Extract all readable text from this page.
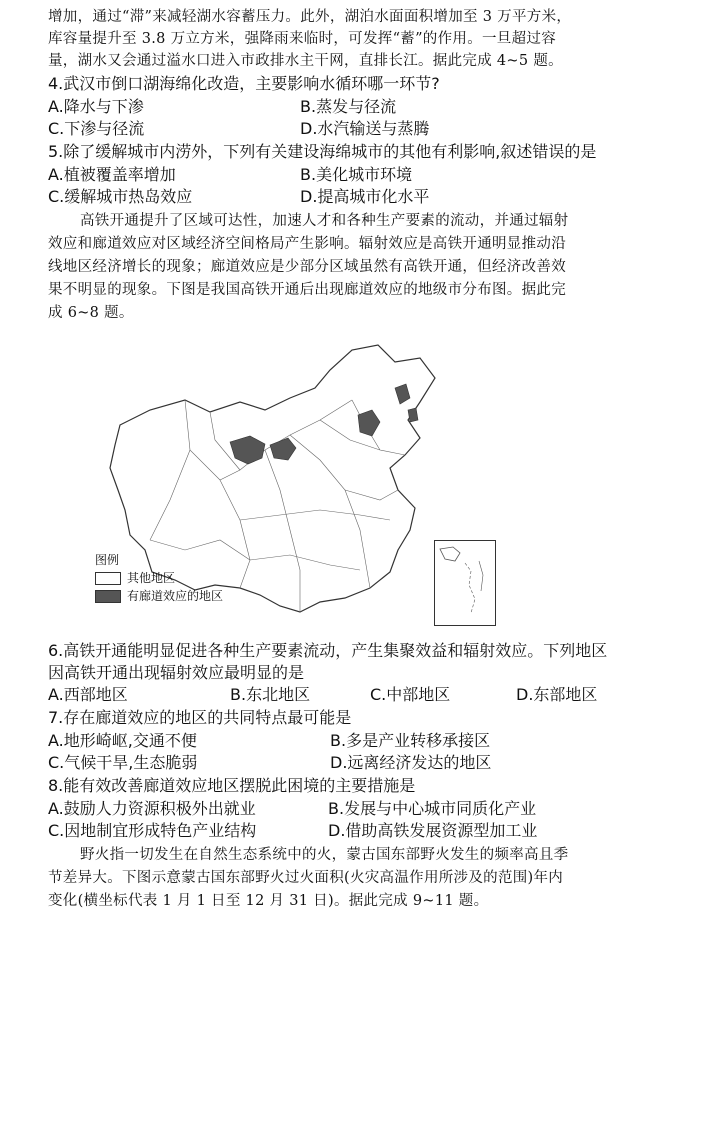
增加，通过“滞”来减轻湖水容蓄压力。此外，湖泊水面面积增加至 3 万平方米，
库容量提升至 3.8 万立方米，强降雨来临时，可发挥“蓄”的作用。一旦超过容
量，湖水又会通过溢水口进入市政排水主干网，直排长江。据此完成 4~5 题。
4.武汉市倒口湖海绵化改造，主要影响水循环哪一环节?
A.降水与下渗	B.蒸发与径流
C.下渗与径流	D.水汽输送与蒸腾
5.除了缓解城市内涝外，下列有关建设海绵城市的其他有利影响,叙述错误的是
A.植被覆盖率增加	B.美化城市环境
C.缓解城市热岛效应	D.提高城市化水平
高铁开通提升了区域可达性，加速人才和各种生产要素的流动，并通过辐射
效应和廊道效应对区域经济空间格局产生影响。辐射效应是高铁开通明显推动沿
线地区经济增长的现象；廊道效应是少部分区域虽然有高铁开通，但经济改善效
果不明显的现象。下图是我国高铁开通后出现廊道效应的地级市分布图。据此完
成 6~8 题。
图例
其他地区
有廊道效应的地区
6.高铁开通能明显促进各种生产要素流动，产生集聚效益和辐射效应。下列地区
因高铁开通出现辐射效应最明显的是
A.西部地区	B.东北地区	C.中部地区	D.东部地区
7.存在廊道效应的地区的共同特点最可能是
A.地形崎岖,交通不便	B.多是产业转移承接区
C.气候干旱,生态脆弱	D.远离经济发达的地区
8.能有效改善廊道效应地区摆脱此困境的主要措施是
A.鼓励人力资源积极外出就业	B.发展与中心城市同质化产业
C.因地制宜形成特色产业结构	D.借助高铁发展资源型加工业
野火指一切发生在自然生态系统中的火，蒙古国东部野火发生的频率高且季
节差异大。下图示意蒙古国东部野火过火面积(火灾高温作用所涉及的范围)年内
变化(横坐标代表 1 月 1 日至 12 月 31 日)。据此完成 9~11 题。
